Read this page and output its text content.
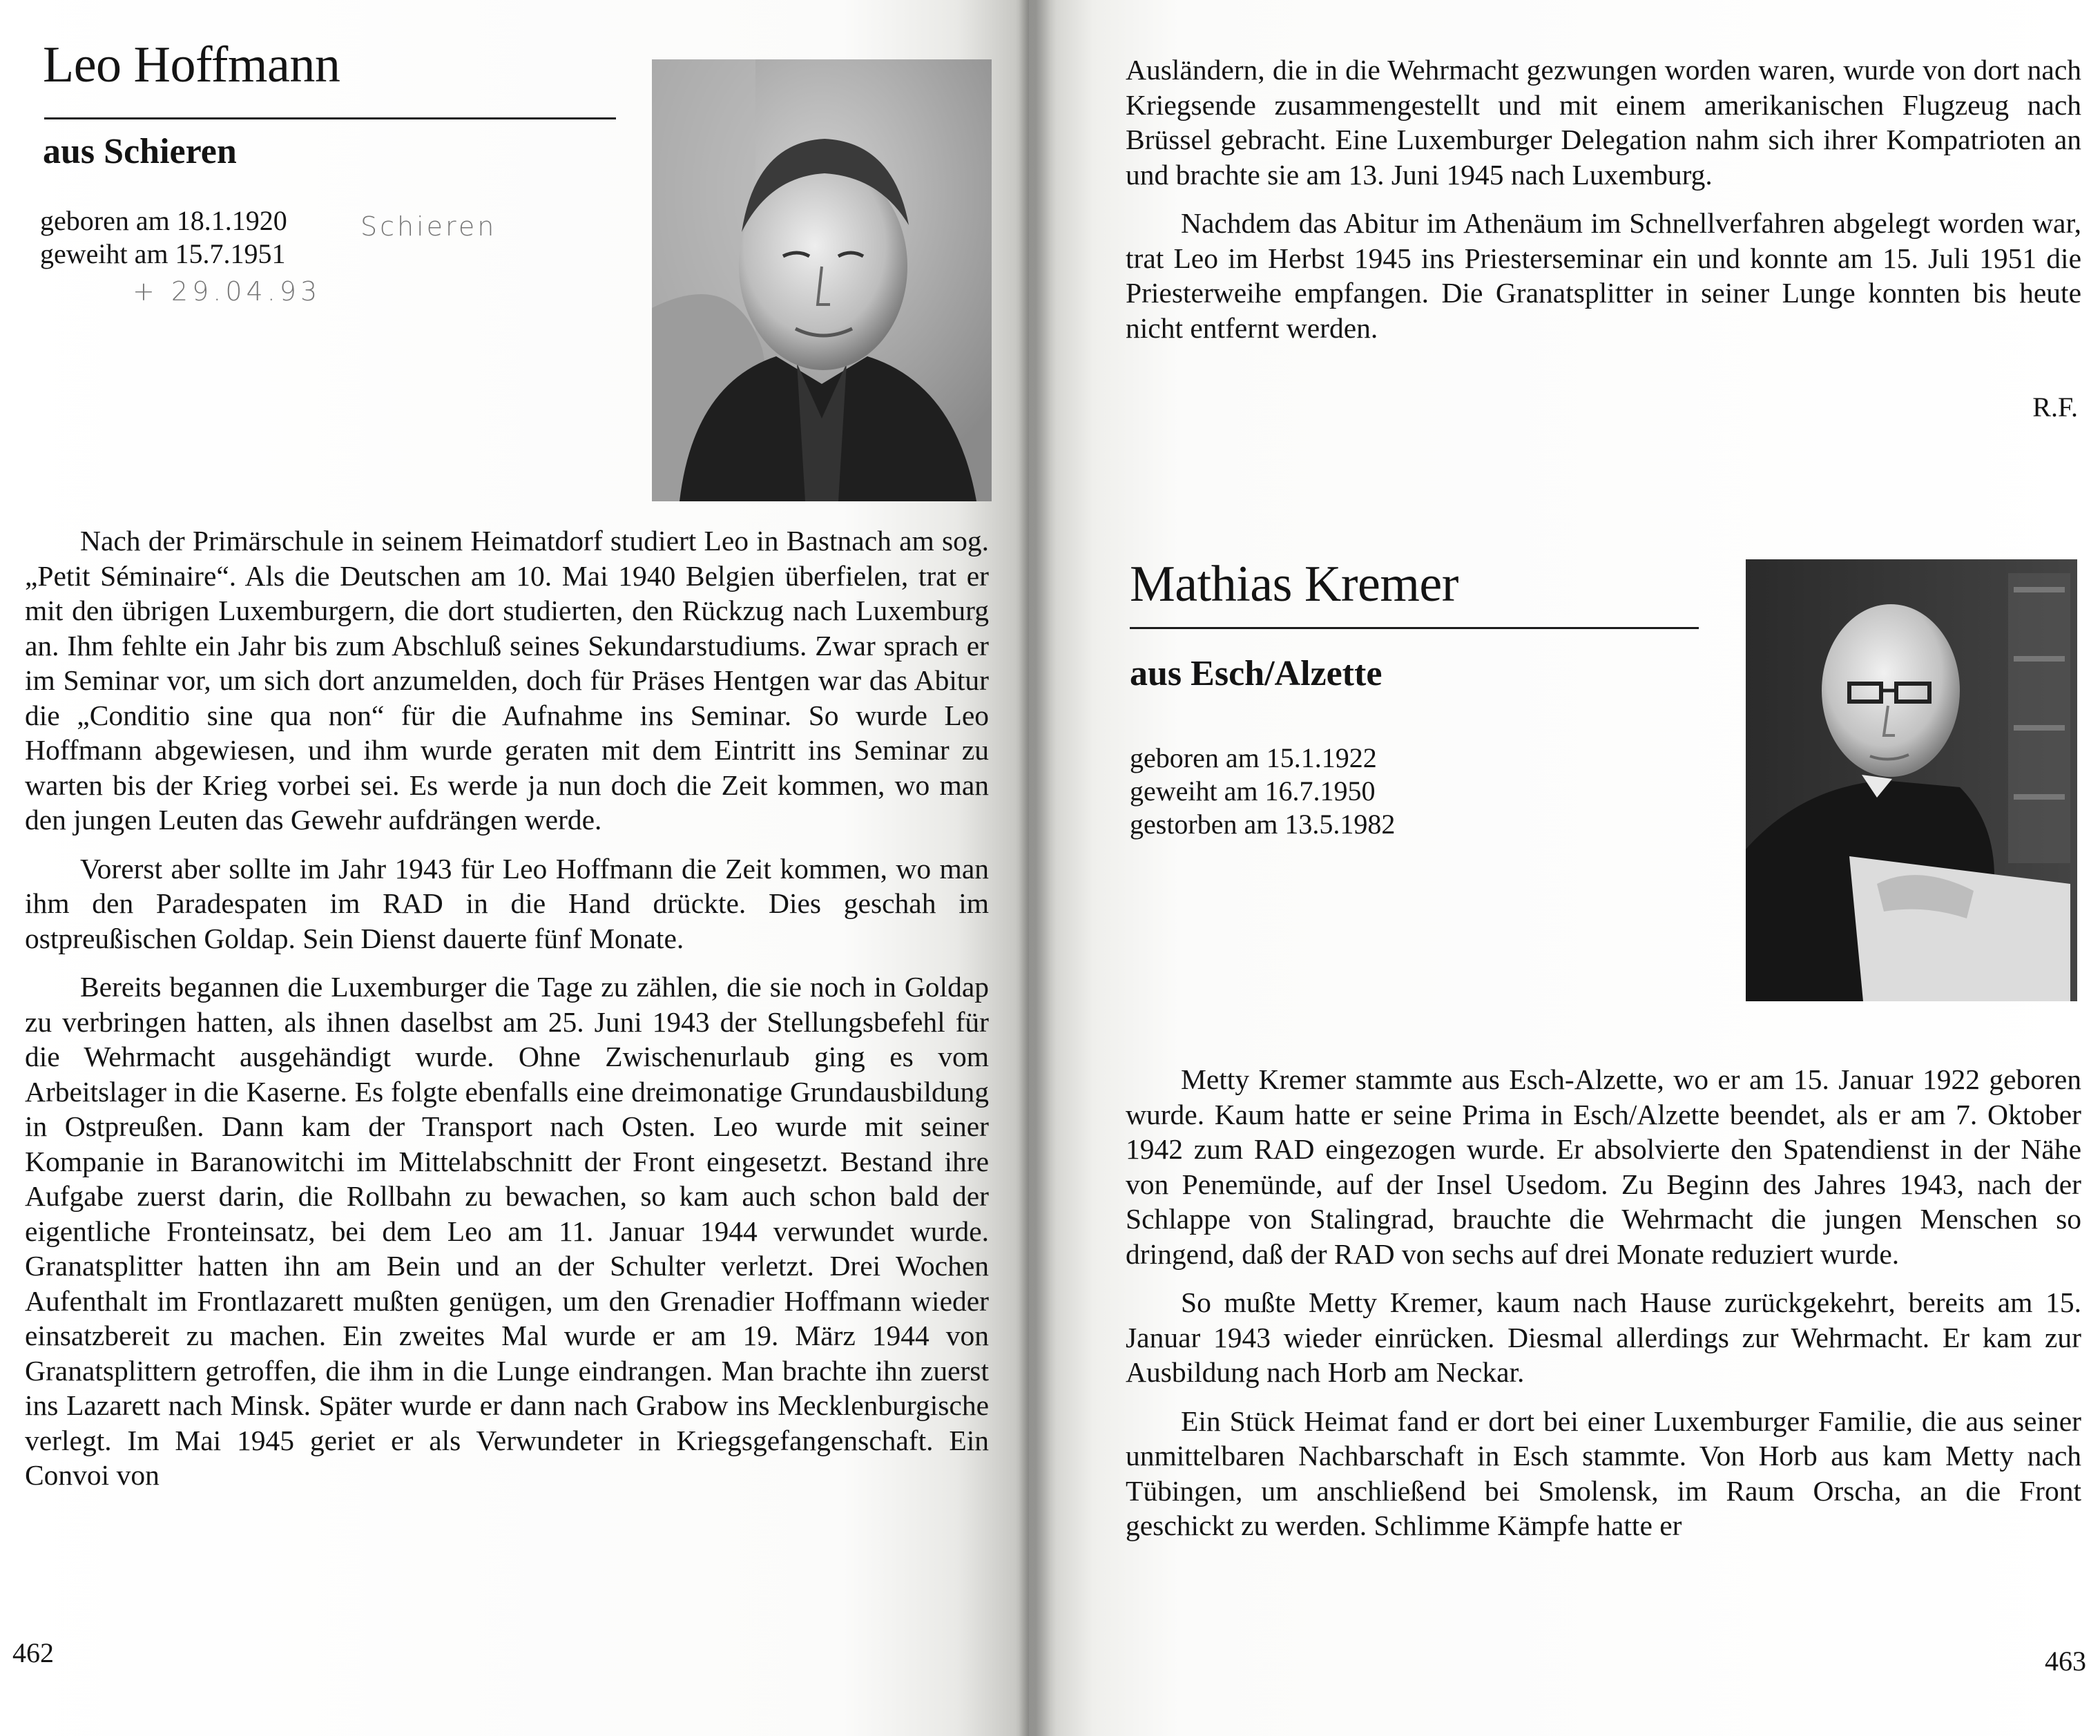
Leo Hoffmann
aus Schieren
geboren am 18.1.1920
geweiht am 15.7.1951
Schieren
+ 29.04.93

Nach der Primärschule in seinem Heimatdorf studiert Leo in Bastnach am sog. „Petit Séminaire“. Als die Deutschen am 10. Mai 1940 Belgien überfielen, trat er mit den übrigen Luxemburgern, die dort studierten, den Rückzug nach Luxemburg an. Ihm fehlte ein Jahr bis zum Abschluß seines Sekundarstudiums. Zwar sprach er im Seminar vor, um sich dort anzumelden, doch für Präses Hentgen war das Abitur die „Conditio sine qua non“ für die Aufnahme ins Seminar. So wurde Leo Hoffmann abgewiesen, und ihm wurde geraten mit dem Eintritt ins Seminar zu warten bis der Krieg vorbei sei. Es werde ja nun doch die Zeit kommen, wo man den jungen Leuten das Gewehr aufdrängen werde.

Vorerst aber sollte im Jahr 1943 für Leo Hoffmann die Zeit kommen, wo man ihm den Paradespaten im RAD in die Hand drückte. Dies geschah im ostpreußischen Goldap. Sein Dienst dauerte fünf Monate.

Bereits begannen die Luxemburger die Tage zu zählen, die sie noch in Goldap zu verbringen hatten, als ihnen daselbst am 25. Juni 1943 der Stellungsbefehl für die Wehrmacht ausgehändigt wurde. Ohne Zwischenurlaub ging es vom Arbeitslager in die Kaserne. Es folgte ebenfalls eine dreimonatige Grundausbildung in Ostpreußen. Dann kam der Transport nach Osten. Leo wurde mit seiner Kompanie in Baranowitchi im Mittelabschnitt der Front eingesetzt. Bestand ihre Aufgabe zuerst darin, die Rollbahn zu bewachen, so kam auch schon bald der eigentliche Fronteinsatz, bei dem Leo am 11. Januar 1944 verwundet wurde. Granatsplitter hatten ihn am Bein und an der Schulter verletzt. Drei Wochen Aufenthalt im Frontlazarett mußten genügen, um den Grenadier Hoffmann wieder einsatzbereit zu machen. Ein zweites Mal wurde er am 19. März 1944 von Granatsplittern getroffen, die ihm in die Lunge eindrangen. Man brachte ihn zuerst ins Lazarett nach Minsk. Später wurde er dann nach Grabow ins Mecklenburgische verlegt. Im Mai 1945 geriet er als Verwundeter in Kriegsgefangenschaft. Ein Convoi von

462

Ausländern, die in die Wehrmacht gezwungen worden waren, wurde von dort nach Kriegsende zusammengestellt und mit einem amerikanischen Flugzeug nach Brüssel gebracht. Eine Luxemburger Delegation nahm sich ihrer Kompatrioten an und brachte sie am 13. Juni 1945 nach Luxemburg.

Nachdem das Abitur im Athenäum im Schnellverfahren abgelegt worden war, trat Leo im Herbst 1945 ins Priesterseminar ein und konnte am 15. Juli 1951 die Priesterweihe empfangen. Die Granatsplitter in seiner Lunge konnten bis heute nicht entfernt werden.

R.F.
Mathias Kremer
aus Esch/Alzette
geboren am 15.1.1922
geweiht am 16.7.1950
gestorben am 13.5.1982

Metty Kremer stammte aus Esch-Alzette, wo er am 15. Januar 1922 geboren wurde. Kaum hatte er seine Prima in Esch/Alzette beendet, als er am 7. Oktober 1942 zum RAD eingezogen wurde. Er absolvierte den Spatendienst in der Nähe von Penemünde, auf der Insel Usedom. Zu Beginn des Jahres 1943, nach der Schlappe von Stalingrad, brauchte die Wehrmacht die jungen Menschen so dringend, daß der RAD von sechs auf drei Monate reduziert wurde.

So mußte Metty Kremer, kaum nach Hause zurückgekehrt, bereits am 15. Januar 1943 wieder einrücken. Diesmal allerdings zur Wehrmacht. Er kam zur Ausbildung nach Horb am Neckar.

Ein Stück Heimat fand er dort bei einer Luxemburger Familie, die aus seiner unmittelbaren Nachbarschaft in Esch stammte. Von Horb aus kam Metty nach Tübingen, um anschließend bei Smolensk, im Raum Orscha, an die Front geschickt zu werden. Schlimme Kämpfe hatte er

463
